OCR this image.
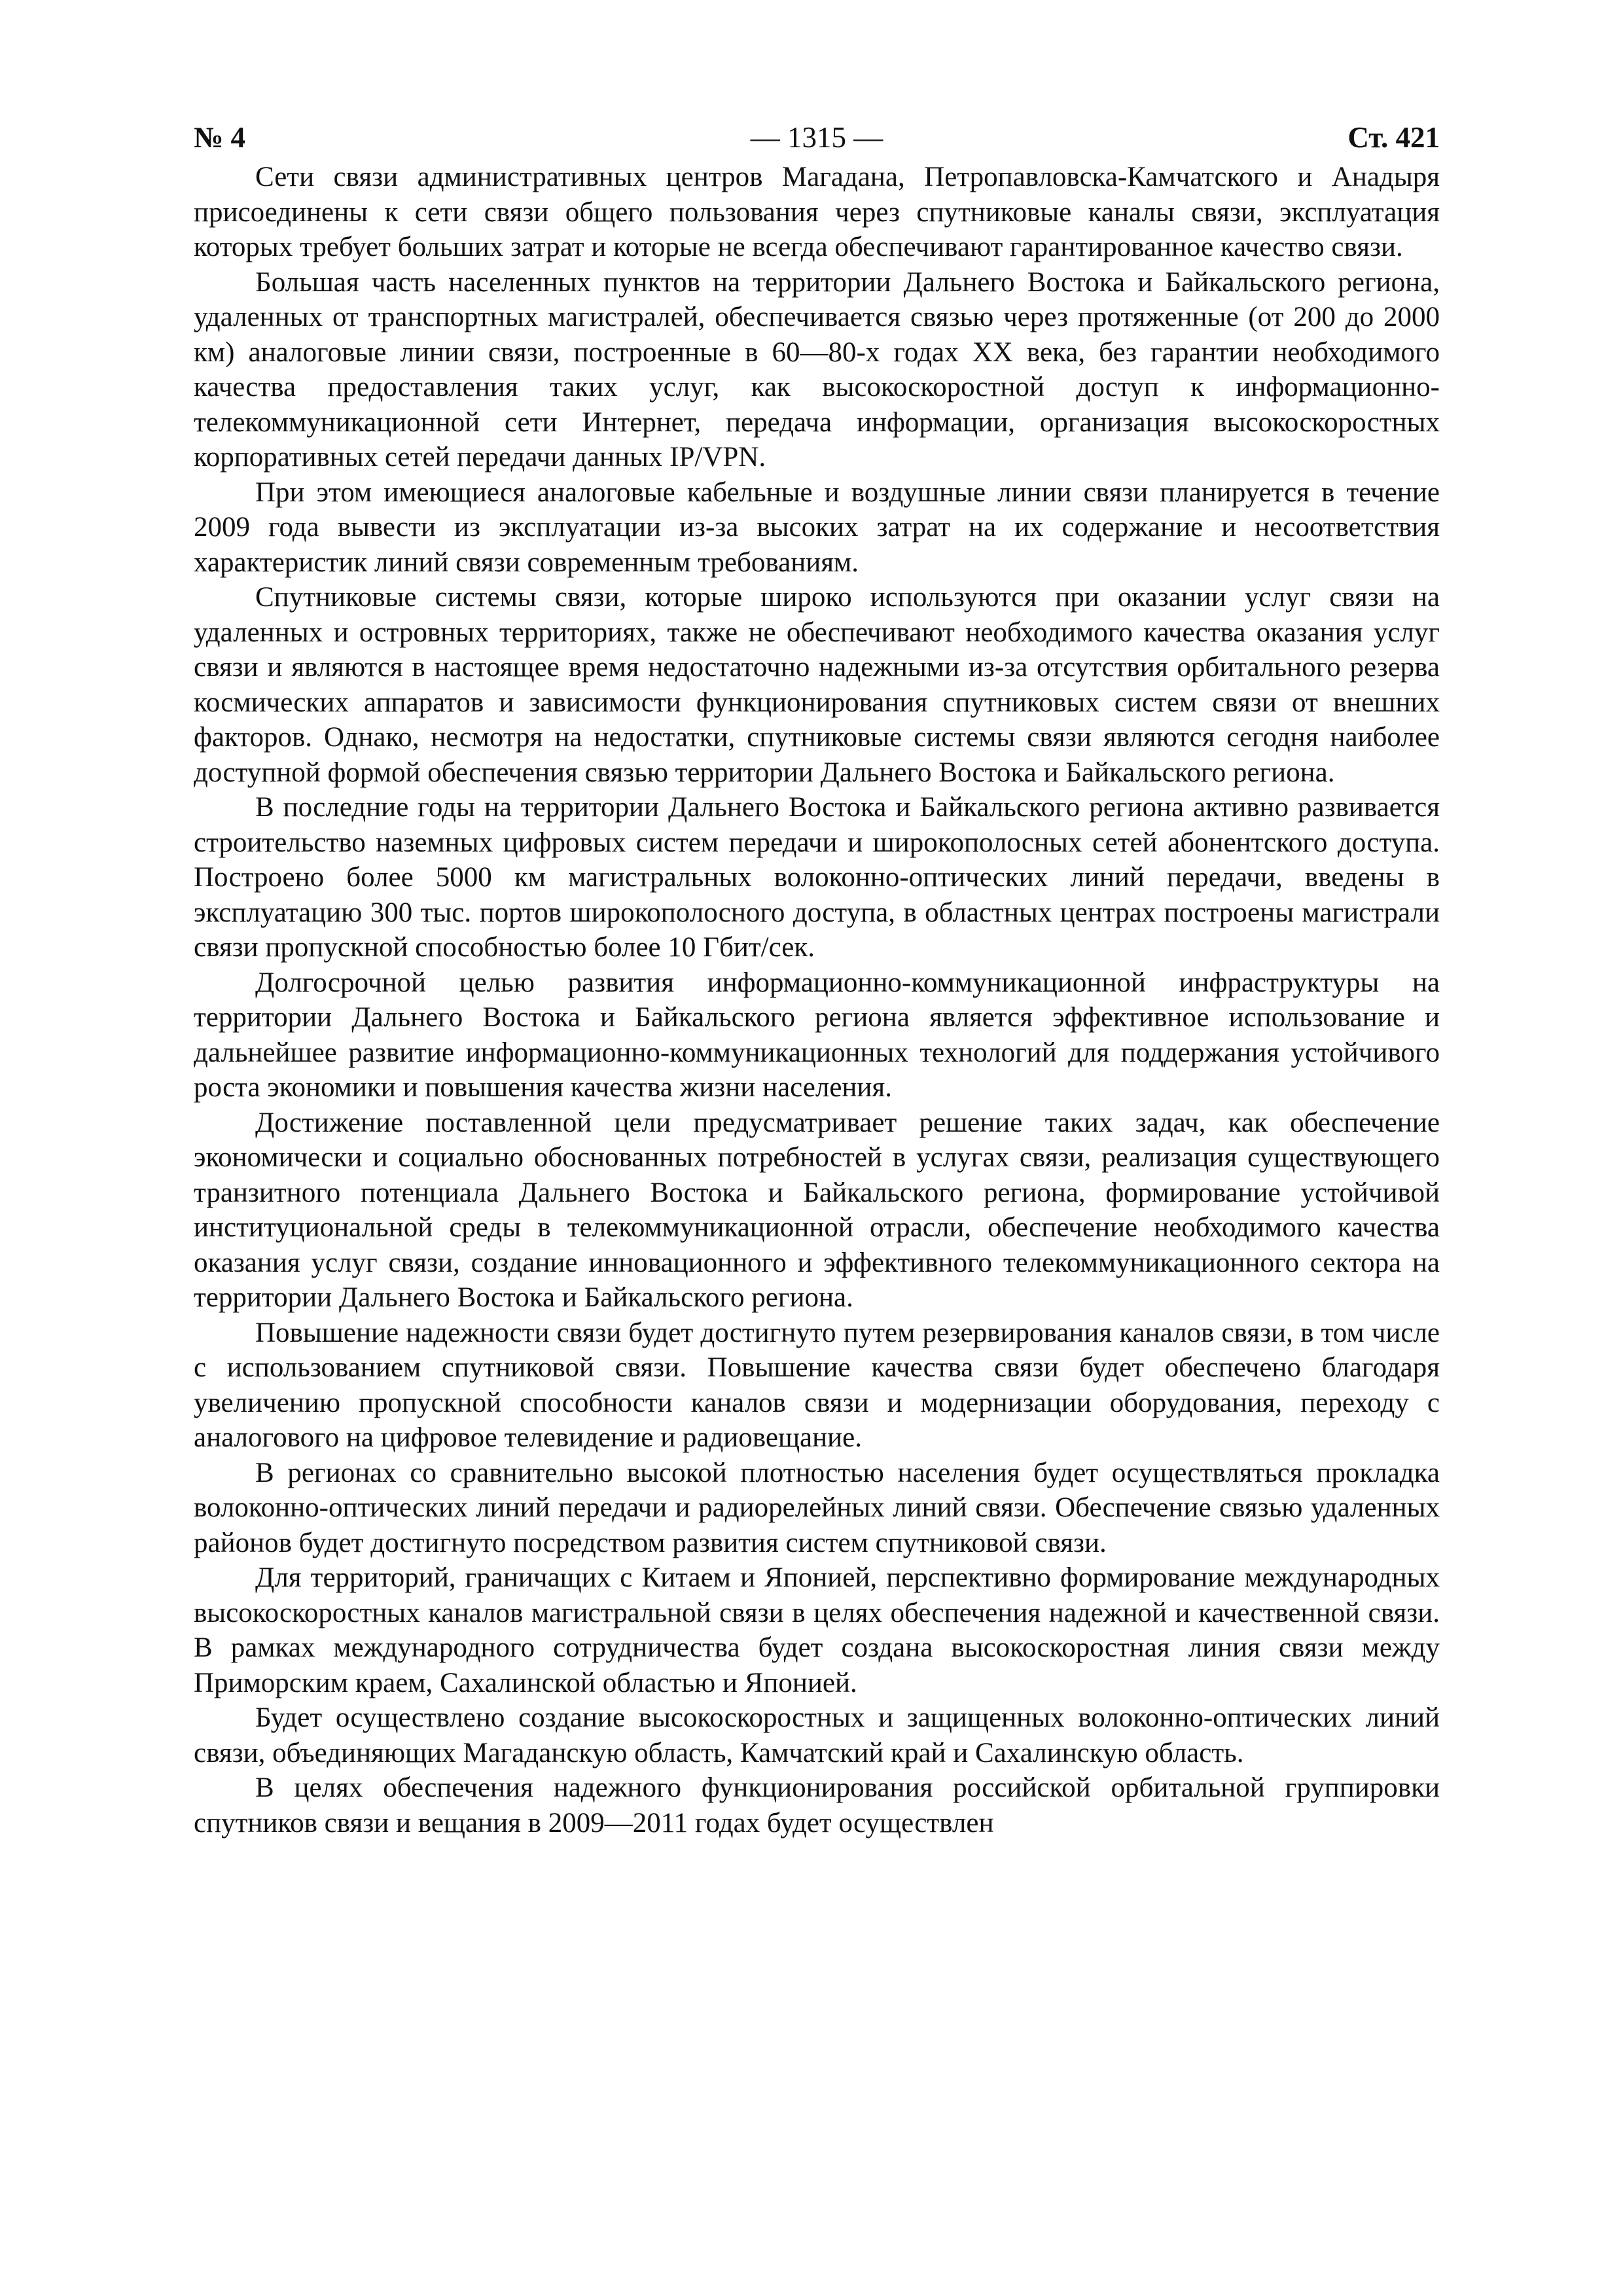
№ 4	— 1315 —	Ст. 421

Сети связи административных центров Магадана, Петропавловска-Камчатского и Анадыря присоединены к сети связи общего пользования через спутниковые каналы связи, эксплуатация которых требует больших затрат и которые не всегда обеспечивают гарантированное качество связи.

Большая часть населенных пунктов на территории Дальнего Востока и Байкальского региона, удаленных от транспортных магистралей, обеспечивается связью через протяженные (от 200 до 2000 км) аналоговые линии связи, построенные в 60—80-х годах XX века, без гарантии необходимого качества предоставления таких услуг, как высокоскоростной доступ к информационно-телекоммуникационной сети Интернет, передача информации, организация высокоскоростных корпоративных сетей передачи данных IP/VPN.

При этом имеющиеся аналоговые кабельные и воздушные линии связи планируется в течение 2009 года вывести из эксплуатации из-за высоких затрат на их содержание и несоответствия характеристик линий связи современным требованиям.

Спутниковые системы связи, которые широко используются при оказании услуг связи на удаленных и островных территориях, также не обеспечивают необходимого качества оказания услуг связи и являются в настоящее время недостаточно надежными из-за отсутствия орбитального резерва космических аппаратов и зависимости функционирования спутниковых систем связи от внешних факторов. Однако, несмотря на недостатки, спутниковые системы связи являются сегодня наиболее доступной формой обеспечения связью территории Дальнего Востока и Байкальского региона.

В последние годы на территории Дальнего Востока и Байкальского региона активно развивается строительство наземных цифровых систем передачи и широкополосных сетей абонентского доступа. Построено более 5000 км магистральных волоконно-оптических линий передачи, введены в эксплуатацию 300 тыс. портов широкополосного доступа, в областных центрах построены магистрали связи пропускной способностью более 10 Гбит/сек.

Долгосрочной целью развития информационно-коммуникационной инфраструктуры на территории Дальнего Востока и Байкальского региона является эффективное использование и дальнейшее развитие информационно-коммуникационных технологий для поддержания устойчивого роста экономики и повышения качества жизни населения.

Достижение поставленной цели предусматривает решение таких задач, как обеспечение экономически и социально обоснованных потребностей в услугах связи, реализация существующего транзитного потенциала Дальнего Востока и Байкальского региона, формирование устойчивой институциональной среды в телекоммуникационной отрасли, обеспечение необходимого качества оказания услуг связи, создание инновационного и эффективного телекоммуникационного сектора на территории Дальнего Востока и Байкальского региона.

Повышение надежности связи будет достигнуто путем резервирования каналов связи, в том числе с использованием спутниковой связи. Повышение качества связи будет обеспечено благодаря увеличению пропускной способности каналов связи и модернизации оборудования, переходу с аналогового на цифровое телевидение и радиовещание.

В регионах со сравнительно высокой плотностью населения будет осуществляться прокладка волоконно-оптических линий передачи и радиорелейных линий связи. Обеспечение связью удаленных районов будет достигнуто посредством развития систем спутниковой связи.

Для территорий, граничащих с Китаем и Японией, перспективно формирование международных высокоскоростных каналов магистральной связи в целях обеспечения надежной и качественной связи. В рамках международного сотрудничества будет создана высокоскоростная линия связи между Приморским краем, Сахалинской областью и Японией.

Будет осуществлено создание высокоскоростных и защищенных волоконно-оптических линий связи, объединяющих Магаданскую область, Камчатский край и Сахалинскую область.

В целях обеспечения надежного функционирования российской орбитальной группировки спутников связи и вещания в 2009—2011 годах будет осуществлен
